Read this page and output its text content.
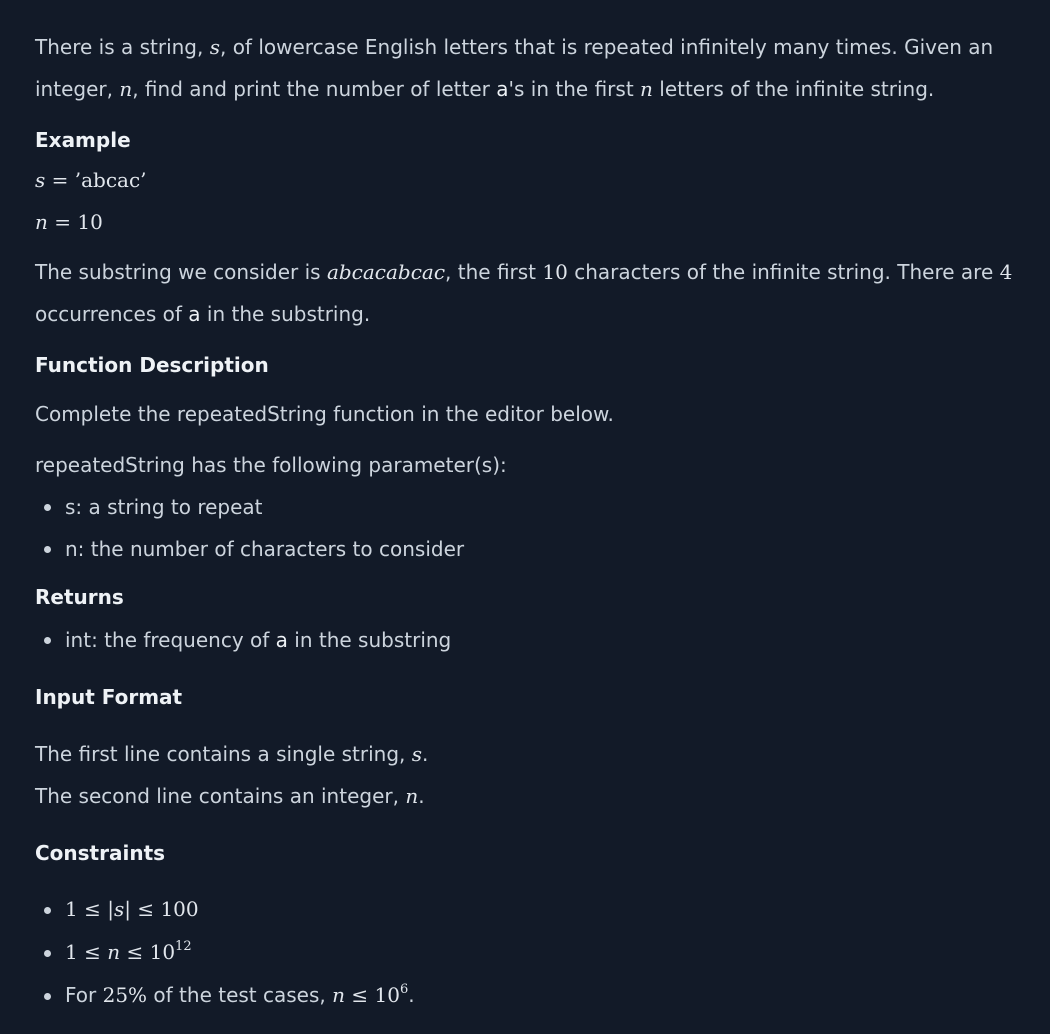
There is a string, s, of lowercase English letters that is repeated infinitely many times. Given an
integer, n, find and print the number of letter a's in the first n letters of the infinite string.
Example
s = ’abcac’
n = 10
The substring we consider is abcacabcac, the first 10 characters of the infinite string. There are 4
occurrences of a in the substring.
Function Description
Complete the repeatedString function in the editor below.
repeatedString has the following parameter(s):
s: a string to repeat
n: the number of characters to consider
Returns
int: the frequency of a in the substring
Input Format
The first line contains a single string, s.
The second line contains an integer, n.
Constraints
1 ≤ |s| ≤ 100
$1 \le n \le 10^{12}$
For 25% of the test cases, $n \le 10^6$.
